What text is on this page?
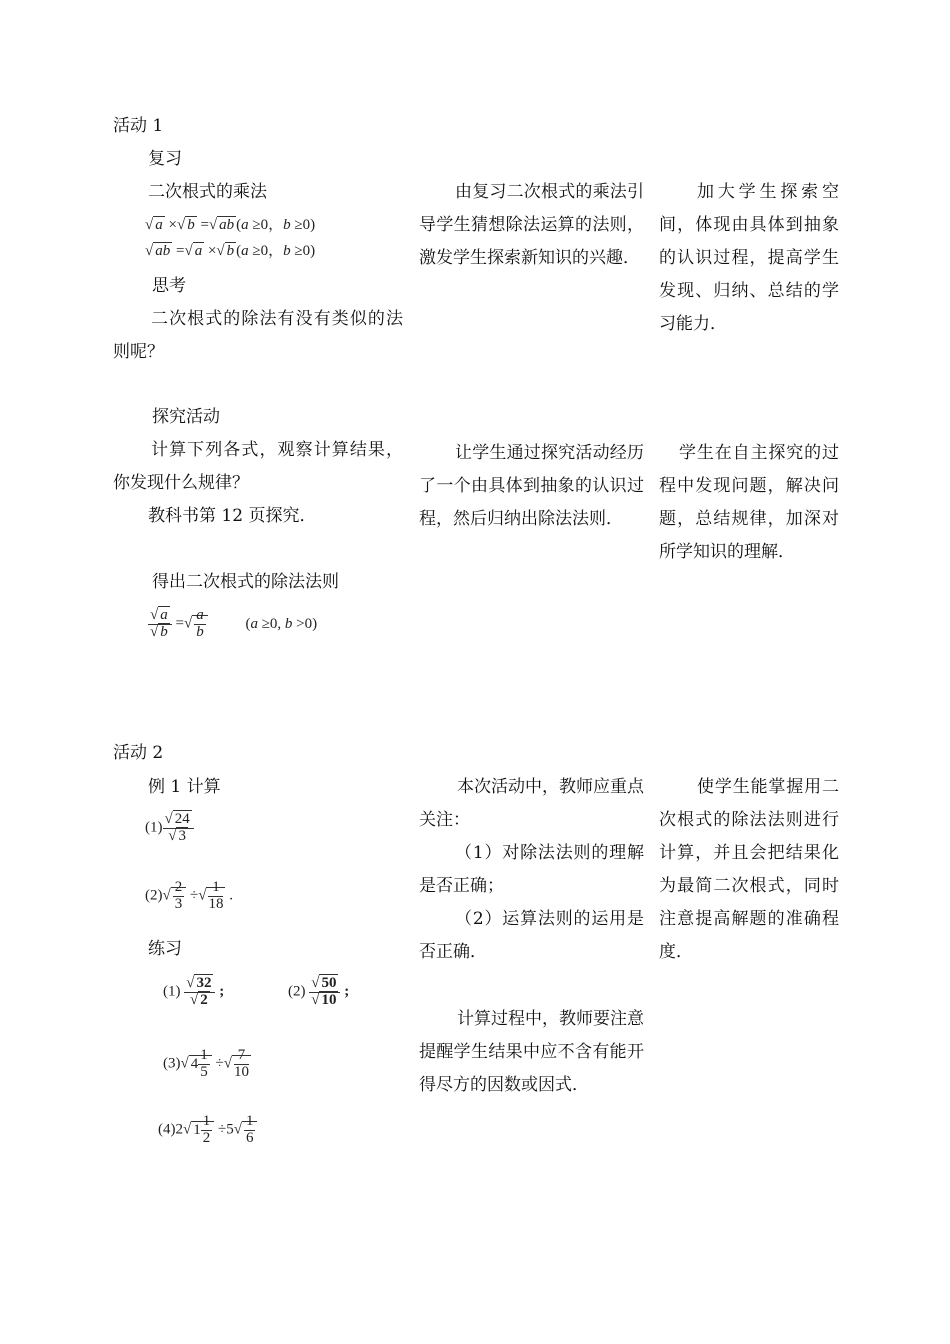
活动 1
复习
二次根式的乘法
√ a ×√ b =√ ab (a ≥0，b ≥0)
√ ab =√ a ×√ b (a ≥0，b ≥0)
思考
二次根式的除法有没有类似的法则呢？
探究活动
计算下列各式，观察计算结果，你发现什么规律？
教科书第 12 页探究．
得出二次根式的除法法则
$\frac{√ a}{√ b}$ =√ $\frac{a}{b}$	(a ≥0, b >0)
由复习二次根式的乘法引导学生猜想除法运算的法则，激发学生探索新知识的兴趣．
加大学生探索空间，体现由具体到抽象的认识过程，提高学生发现、归纳、总结的学习能力．
让学生通过探究活动经历了一个由具体到抽象的认识过程，然后归纳出除法法则．
学生在自主探究的过程中发现问题，解决问题，总结规律，加深对所学知识的理解．
活动 2
例 1 计算
$(1) \frac{√ 24}{√ 3}$
$(2)√ \frac{2}{3}$ ÷√ $\frac{1}{18}$ .
练习
$(1) \frac{√ 32}{√ 2}$ ;	$(2) \frac{√ 50}{√ 10}$ ;
(3)√ $4 \frac{1}{5}$ ÷√ $\frac{7}{10}$
(4)2√ $1 \frac{1}{2} \div 5√ \frac{1}{6}$
本次活动中，教师应重点关注：
（1）对除法法则的理解是否正确；
（2）运算法则的运用是否正确．
计算过程中，教师要注意提醒学生结果中应不含有能开得尽方的因数或因式．
使学生能掌握用二次根式的除法法则进行计算，并且会把结果化为最简二次根式，同时注意提高解题的准确程度．
